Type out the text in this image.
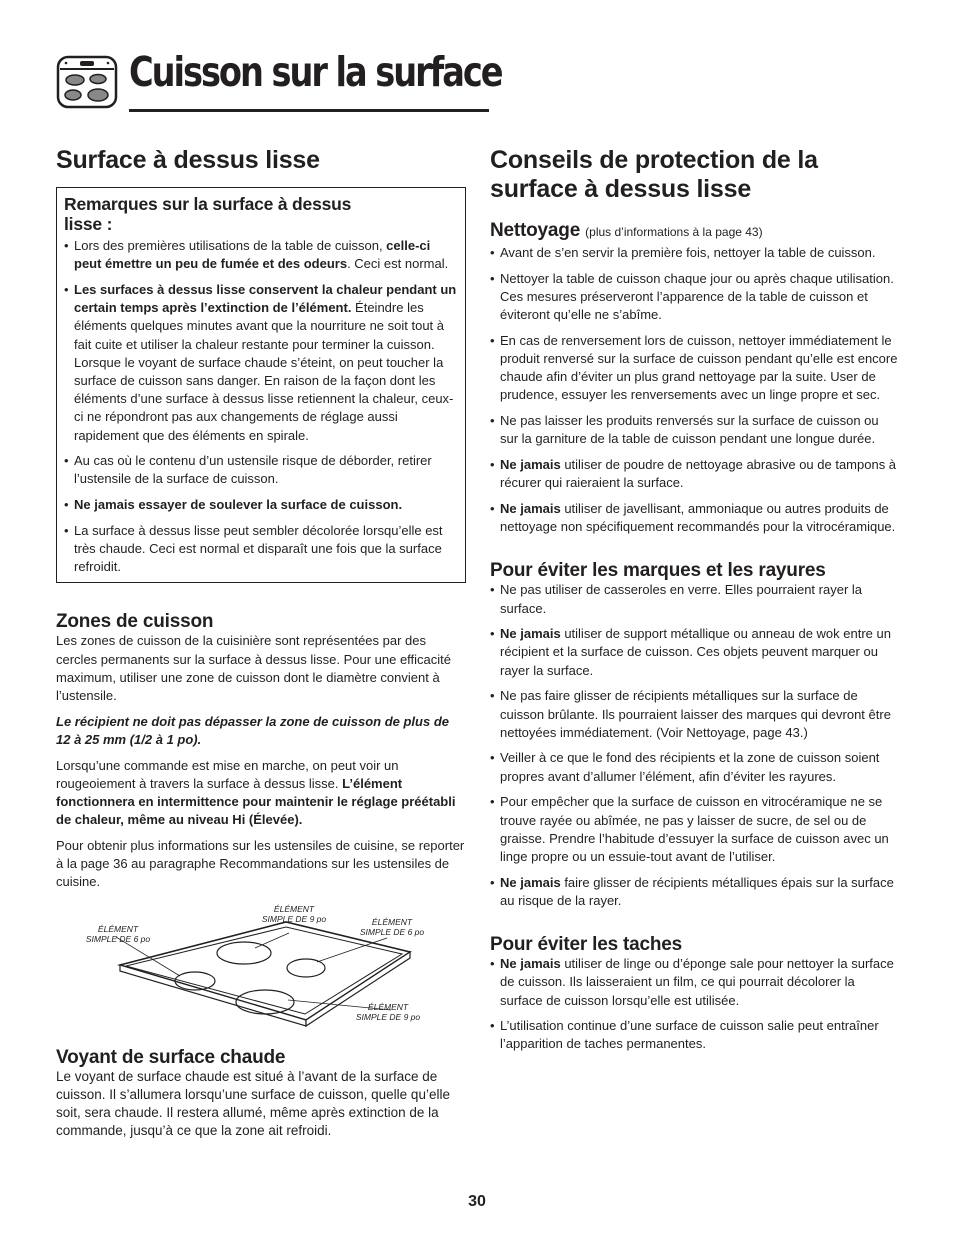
Cuisson sur la surface
Surface à dessus lisse
Remarques sur la surface à dessus lisse :
• Lors des premières utilisations de la table de cuisson, celle-ci peut émettre un peu de fumée et des odeurs. Ceci est normal.
• Les surfaces à dessus lisse conservent la chaleur pendant un certain temps après l’extinction de l’élément. Éteindre les éléments quelques minutes avant que la nourriture ne soit tout à fait cuite et utiliser la chaleur restante pour terminer la cuisson. Lorsque le voyant de surface chaude s’éteint, on peut toucher la surface de cuisson sans danger. En raison de la façon dont les éléments d’une surface à dessus lisse retiennent la chaleur, ceux-ci ne répondront pas aux changements de réglage aussi rapidement que des éléments en spirale.
• Au cas où le contenu d’un ustensile risque de déborder, retirer l’ustensile de la surface de cuisson.
• Ne jamais essayer de soulever la surface de cuisson.
• La surface à dessus lisse peut sembler décolorée lorsqu’elle est très chaude. Ceci est normal et disparaît une fois que la surface refroidit.
Zones de cuisson

Les zones de cuisson de la cuisinière sont représentées par des cercles permanents sur la surface à dessus lisse. Pour une efficacité maximum, utiliser une zone de cuisson dont le diamètre convient à l’ustensile.

Le récipient ne doit pas dépasser la zone de cuisson de plus de 12 à 25 mm (1/2 à 1 po).

Lorsqu’une commande est mise en marche, on peut voir un rougeoiement à travers la surface à dessus lisse. L’élément fonctionnera en intermittence pour maintenir le réglage préétabli de chaleur, même au niveau Hi (Élevée).

Pour obtenir plus informations sur les ustensiles de cuisine, se reporter à la page 36 au paragraphe Recommandations sur les ustensiles de cuisine.

ÉLÉMENT
SIMPLE DE 6 po
ÉLÉMENT
SIMPLE DE 9 po	ÉLÉMENT
SIMPLE DE 6 po
ÉLÉMENT
SIMPLE DE 9 po
Voyant de surface chaude

Le voyant de surface chaude est situé à l’avant de la surface de cuisson. Il s’allumera lorsqu’une surface de cuisson, quelle qu’elle soit, sera chaude. Il restera allumé, même après extinction de la commande, jusqu’à ce que la zone ait refroidi.

Conseils de protection de la surface à dessus lisse
Nettoyage (plus d’informations à la page 43)
• Avant de s’en servir la première fois, nettoyer la table de cuisson.
• Nettoyer la table de cuisson chaque jour ou après chaque utilisation. Ces mesures préserveront l’apparence de la table de cuisson et éviteront qu’elle ne s’abîme.
• En cas de renversement lors de cuisson, nettoyer immédiatement le produit renversé sur la surface de cuisson pendant qu’elle est encore chaude afin d’éviter un plus grand nettoyage par la suite. User de prudence, essuyer les renversements avec un linge propre et sec.
• Ne pas laisser les produits renversés sur la surface de cuisson ou sur la garniture de la table de cuisson pendant une longue durée.
• Ne jamais utiliser de poudre de nettoyage abrasive ou de tampons à récurer qui raieraient la surface.
• Ne jamais utiliser de javellisant, ammoniaque ou autres produits de nettoyage non spécifiquement recommandés pour la vitrocéramique.
Pour éviter les marques et les rayures
• Ne pas utiliser de casseroles en verre. Elles pourraient rayer la surface.
• Ne jamais utiliser de support métallique ou anneau de wok entre un récipient et la surface de cuisson. Ces objets peuvent marquer ou rayer la surface.
• Ne pas faire glisser de récipients métalliques sur la surface de cuisson brûlante. Ils pourraient laisser des marques qui devront être nettoyées immédiatement. (Voir Nettoyage, page 43.)
• Veiller à ce que le fond des récipients et la zone de cuisson soient propres avant d’allumer l’élément, afin d’éviter les rayures.
• Pour empêcher que la surface de cuisson en vitrocéramique ne se trouve rayée ou abîmée, ne pas y laisser de sucre, de sel ou de graisse. Prendre l’habitude d’essuyer la surface de cuisson avec un linge propre ou un essuie-tout avant de l’utiliser.
• Ne jamais faire glisser de récipients métalliques épais sur la surface au risque de la rayer.
Pour éviter les taches
• Ne jamais utiliser de linge ou d’éponge sale pour nettoyer la surface de cuisson. Ils laisseraient un film, ce qui pourrait décolorer la surface de cuisson lorsqu’elle est utilisée.
• L’utilisation continue d’une surface de cuisson salie peut entraîner l’apparition de taches permanentes.
30
